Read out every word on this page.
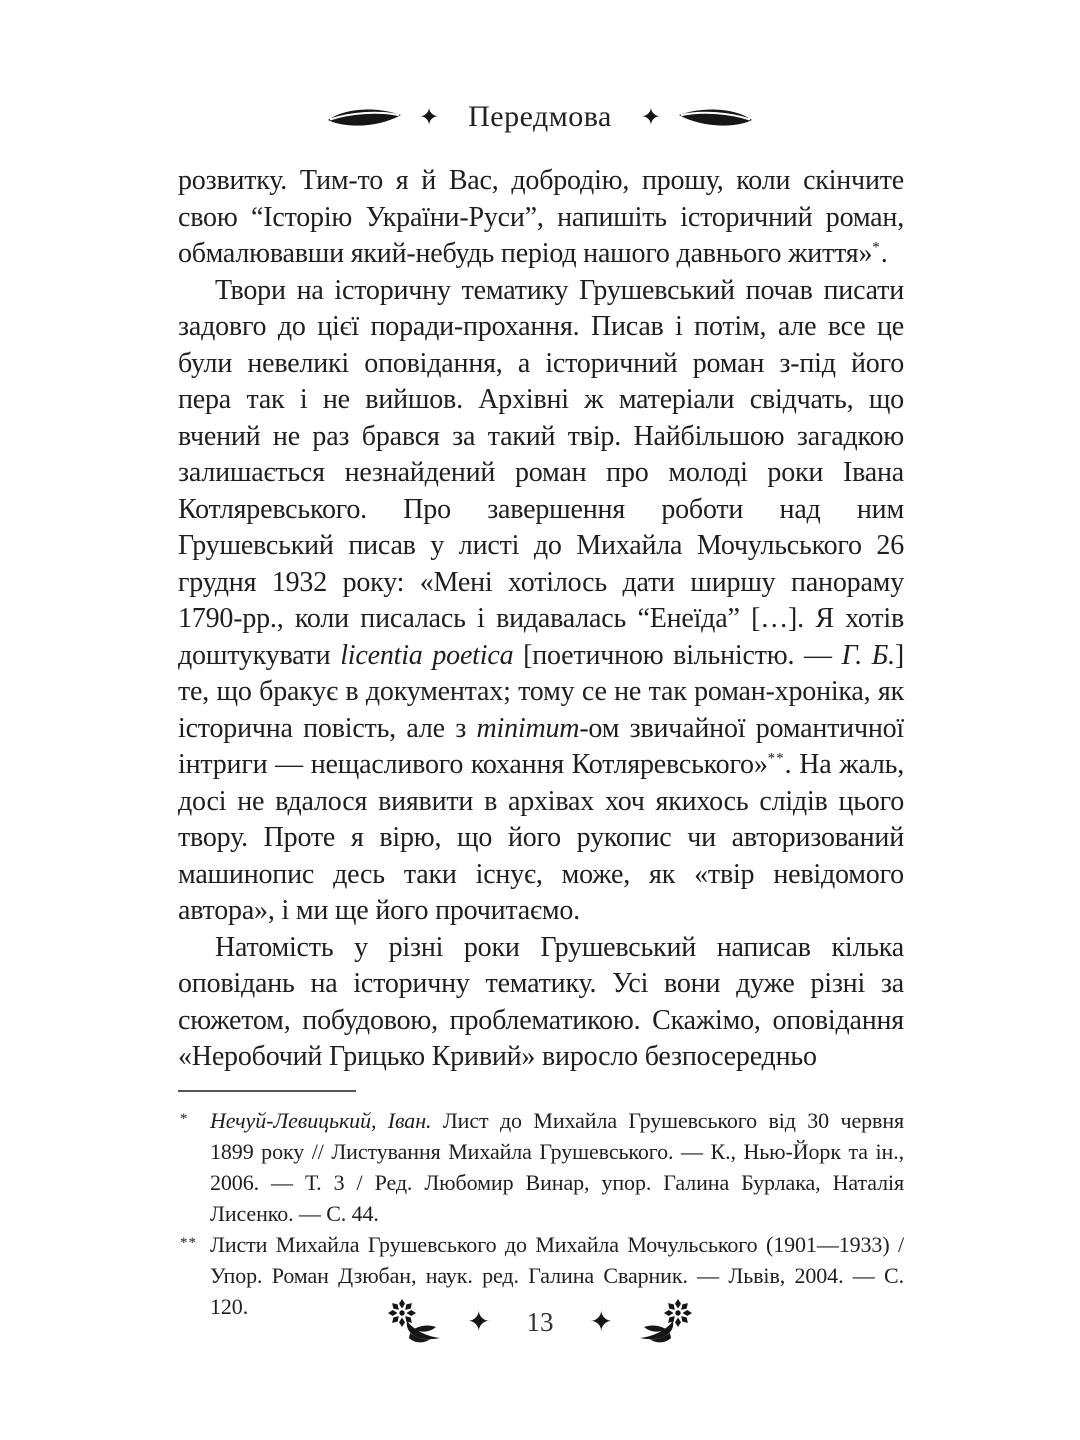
✦ Передмова	✦

розвитку. Тим-то я й Вас, добродію, прошу, коли скінчите свою “Історію України-Руси”, напишіть історичний роман, обмалювавши який-небудь період нашого давнього життя»*.

Твори на історичну тематику Грушевський почав писати задовго до цієї поради-прохання. Писав і потім, але все це були невеликі оповідання, а історичний роман з-під його пера так і не вийшов. Архівні ж матеріали свідчать, що вчений не раз брався за такий твір. Найбільшою загадкою залишається незнайдений роман про молоді роки Івана Котляревського. Про завершення роботи над ним Грушевський писав у листі до Михайла Мочульського 26 грудня 1932 року: «Мені хотілось дати ширшу панораму 1790-рр., коли писалась і видавалась “Енеїда” […]. Я хотів доштукувати licentia poetica [поетичною вільністю. — Г. Б.] те, що бракує в документах; тому се не так роман-хроніка, як історична повість, але з minimum-ом звичайної романтичної інтриги — нещасливого кохання Котляревського»**. На жаль, досі не вдалося виявити в архівах хоч якихось слідів цього твору. Проте я вірю, що його рукопис чи авторизований машинопис десь таки існує, може, як «твір невідомого автора», і ми ще його прочитаємо.

Натомість у різні роки Грушевський написав кілька оповідань на історичну тематику. Усі вони дуже різні за сюжетом, побудовою, проблематикою. Скажімо, оповідання «Неробочий Грицько Кривий» виросло безпосередньо

* Нечуй-Левицький, Іван. Лист до Михайла Грушевського від 30 червня 1899 року // Листування Михайла Грушевського. — К., Нью-Йорк та ін., 2006. — Т. 3 / Ред. Любомир Винар, упор. Галина Бурлака, Наталія Лисенко. — С. 44.
** Листи Михайла Грушевського до Михайла Мочульського (1901—1933) / Упор. Роман Дзюбан, наук. ред. Галина Сварник. — Львів, 2004. — С. 120.	✦	13	✦
